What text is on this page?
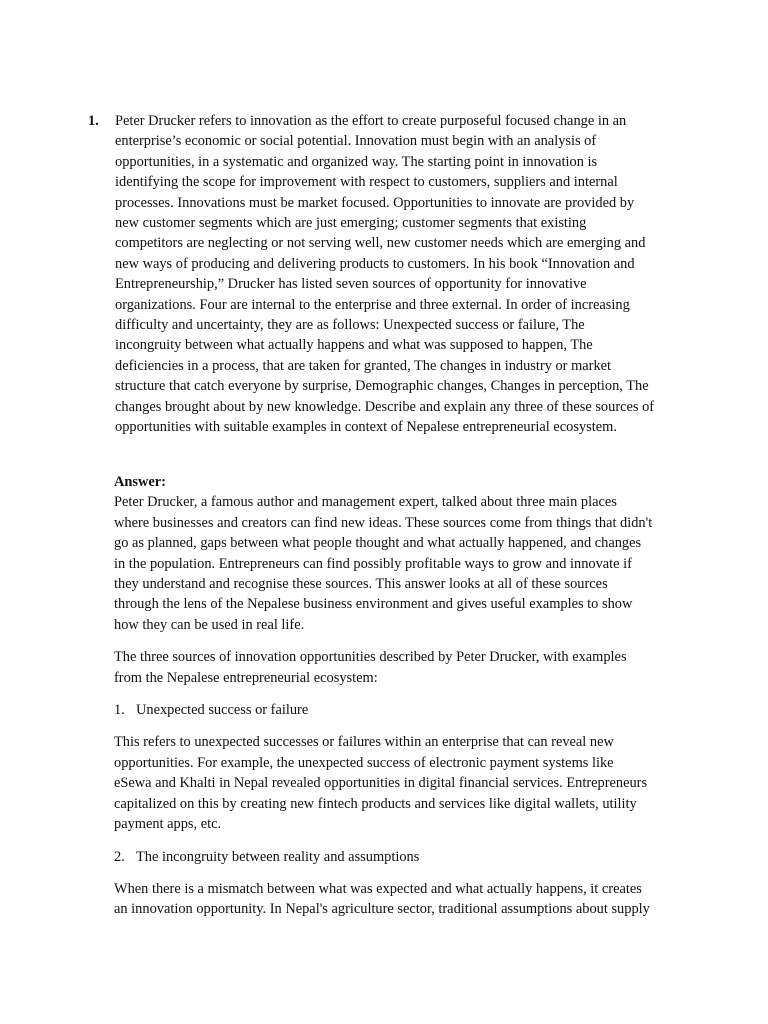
1. Peter Drucker refers to innovation as the effort to create purposeful focused change in an
enterprise’s economic or social potential. Innovation must begin with an analysis of
opportunities, in a systematic and organized way. The starting point in innovation is
identifying the scope for improvement with respect to customers, suppliers and internal
processes. Innovations must be market focused. Opportunities to innovate are provided by
new customer segments which are just emerging; customer segments that existing
competitors are neglecting or not serving well, new customer needs which are emerging and
new ways of producing and delivering products to customers. In his book “Innovation and
Entrepreneurship,” Drucker has listed seven sources of opportunity for innovative
organizations. Four are internal to the enterprise and three external. In order of increasing
difficulty and uncertainty, they are as follows: Unexpected success or failure, The
incongruity between what actually happens and what was supposed to happen, The
deficiencies in a process, that are taken for granted, The changes in industry or market
structure that catch everyone by surprise, Demographic changes, Changes in perception, The
changes brought about by new knowledge. Describe and explain any three of these sources of
opportunities with suitable examples in context of Nepalese entrepreneurial ecosystem.

Answer:

Peter Drucker, a famous author and management expert, talked about three main places
where businesses and creators can find new ideas. These sources come from things that didn't
go as planned, gaps between what people thought and what actually happened, and changes
in the population. Entrepreneurs can find possibly profitable ways to grow and innovate if
they understand and recognise these sources. This answer looks at all of these sources
through the lens of the Nepalese business environment and gives useful examples to show
how they can be used in real life.

The three sources of innovation opportunities described by Peter Drucker, with examples
from the Nepalese entrepreneurial ecosystem:

1. Unexpected success or failure

This refers to unexpected successes or failures within an enterprise that can reveal new
opportunities. For example, the unexpected success of electronic payment systems like
eSewa and Khalti in Nepal revealed opportunities in digital financial services. Entrepreneurs
capitalized on this by creating new fintech products and services like digital wallets, utility
payment apps, etc.

2. The incongruity between reality and assumptions

When there is a mismatch between what was expected and what actually happens, it creates
an innovation opportunity. In Nepal's agriculture sector, traditional assumptions about supply
